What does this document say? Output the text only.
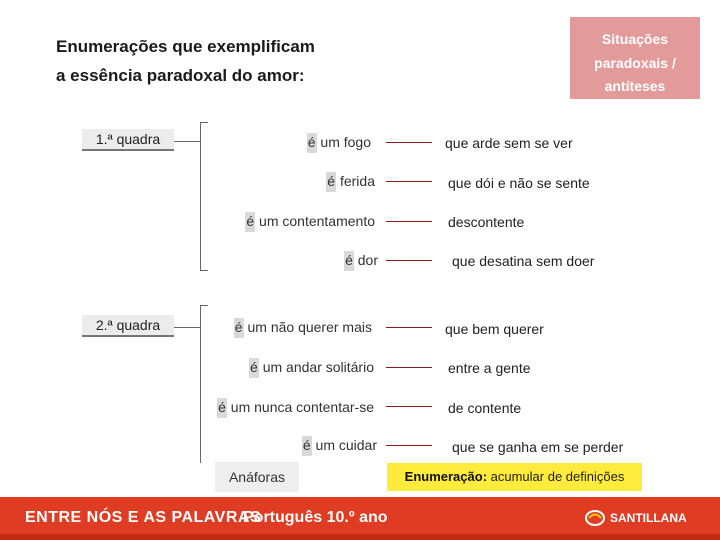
Enumerações que exemplificam
a essência paradoxal do amor:
Situações
paradoxais /
antíteses
1.ª quadra
2.ª quadra
é um fogo
é ferida
é um contentamento
é dor
é um não querer mais
é um andar solitário
é um nunca contentar-se
é um cuidar
que arde sem se ver
que dói e não se sente
descontente
que desatina sem doer
que bem querer
entre a gente
de contente
que se ganha em se perder
Anáforas	Enumeração: acumular de definições
ENTRE NÓS E AS PALAVRAS
Português 10.º ano	SANTILLANA
